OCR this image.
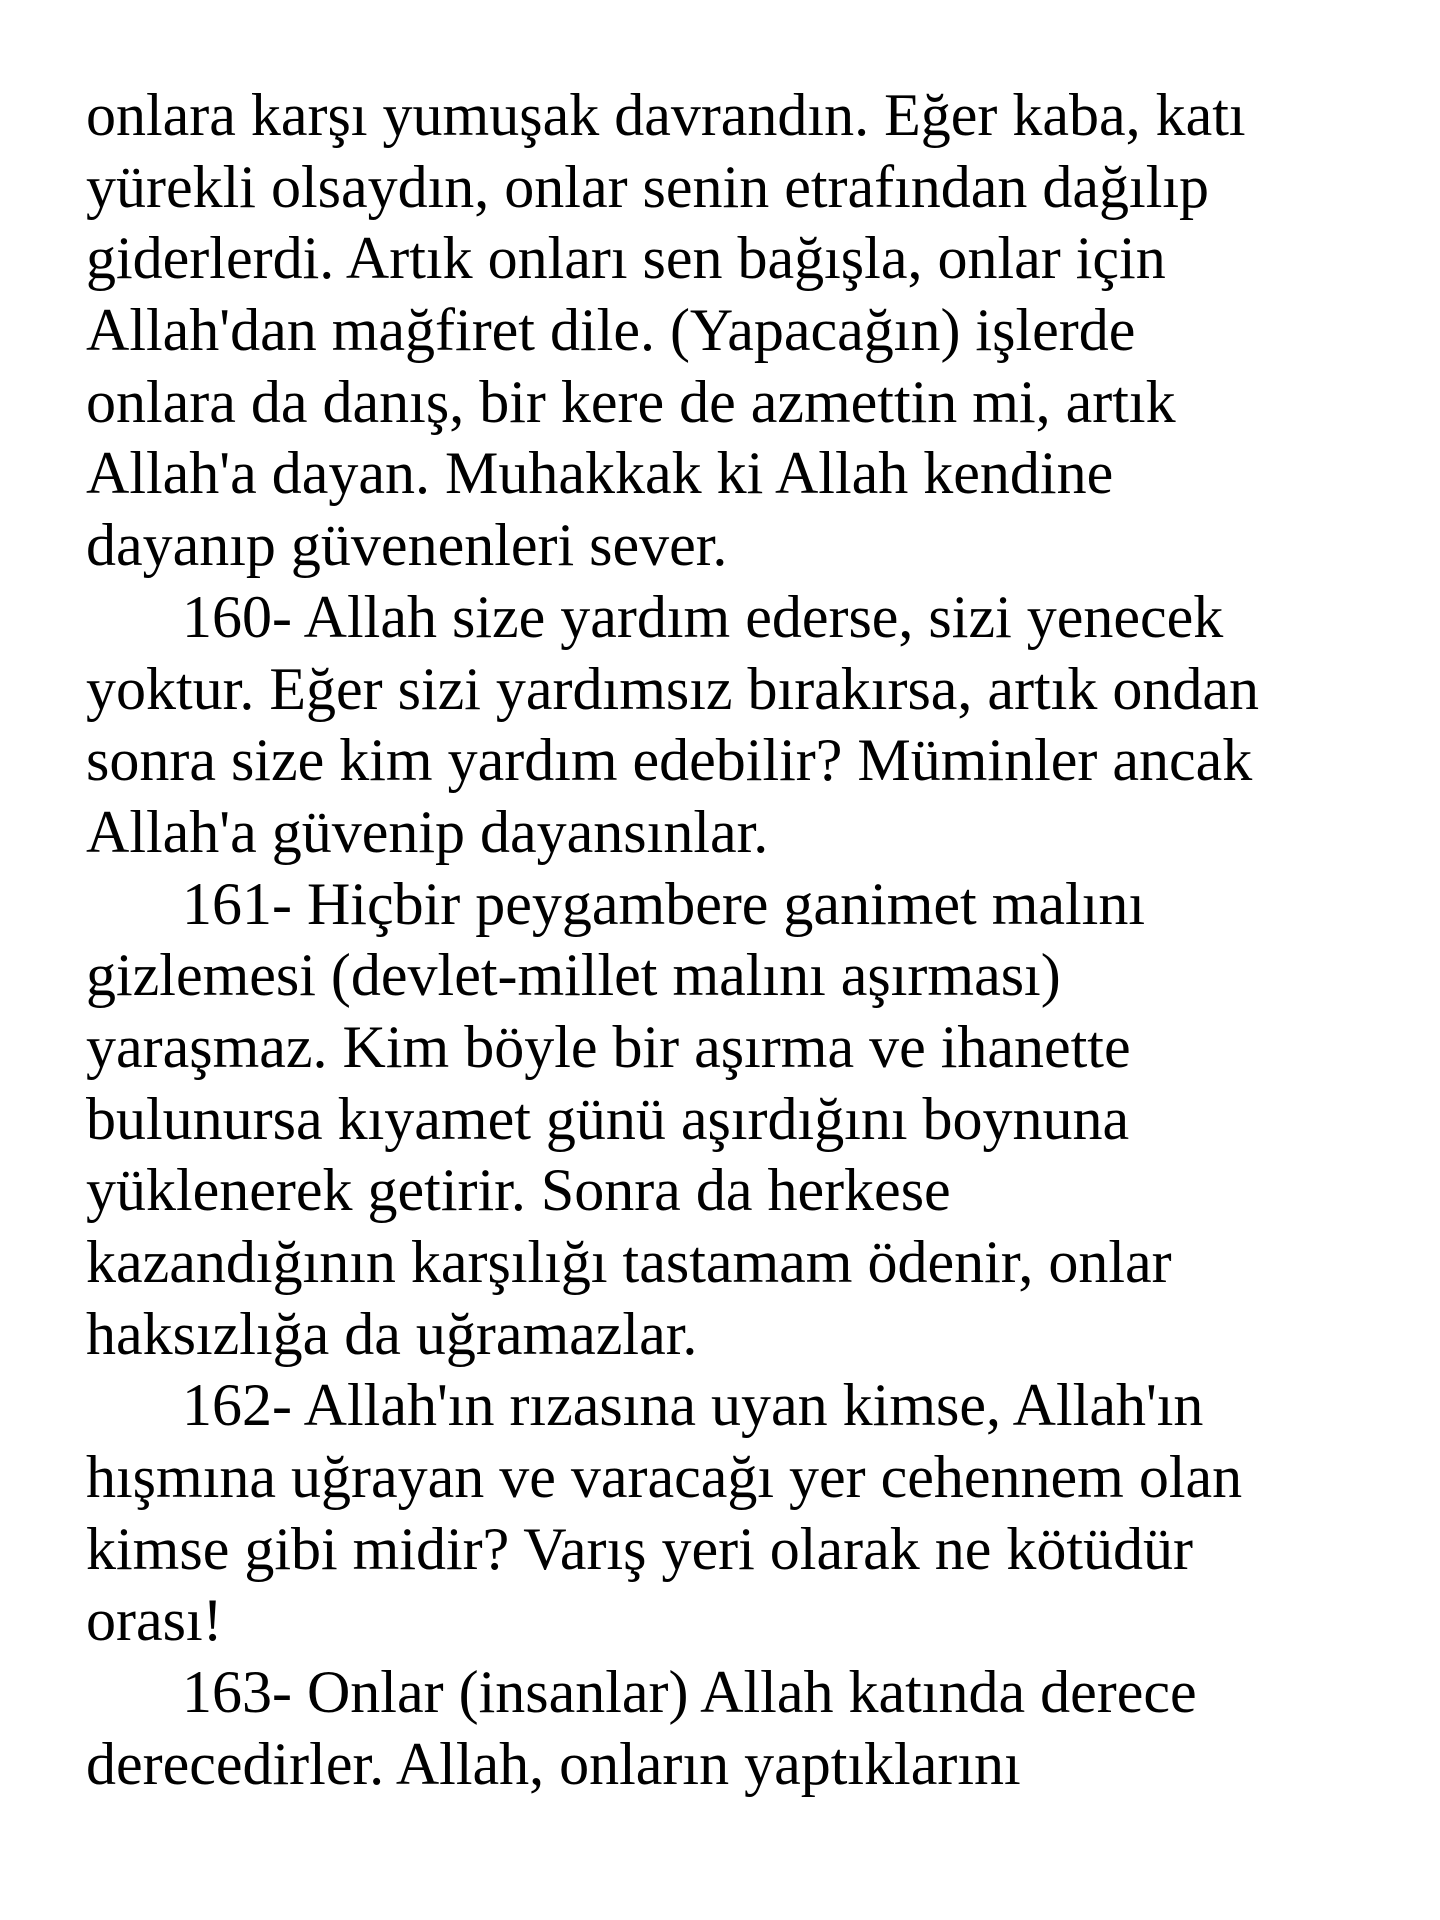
onlara karşı yumuşak davrandın. Eğer kaba, katı
yürekli olsaydın, onlar senin etrafından dağılıp
giderlerdi. Artık onları sen bağışla, onlar için
Allah'dan mağfiret dile. (Yapacağın) işlerde
onlara da danış, bir kere de azmettin mi, artık
Allah'a dayan. Muhakkak ki Allah kendine
dayanıp güvenenleri sever.
160- Allah size yardım ederse, sizi yenecek
yoktur. Eğer sizi yardımsız bırakırsa, artık ondan
sonra size kim yardım edebilir? Müminler ancak
Allah'a güvenip dayansınlar.
161- Hiçbir peygambere ganimet malını
gizlemesi (devlet-millet malını aşırması)
yaraşmaz. Kim böyle bir aşırma ve ihanette
bulunursa kıyamet günü aşırdığını boynuna
yüklenerek getirir. Sonra da herkese
kazandığının karşılığı tastamam ödenir, onlar
haksızlığa da uğramazlar.
162- Allah'ın rızasına uyan kimse, Allah'ın
hışmına uğrayan ve varacağı yer cehennem olan
kimse gibi midir? Varış yeri olarak ne kötüdür
orası!
163- Onlar (insanlar) Allah katında derece
derecedirler. Allah, onların yaptıklarını
